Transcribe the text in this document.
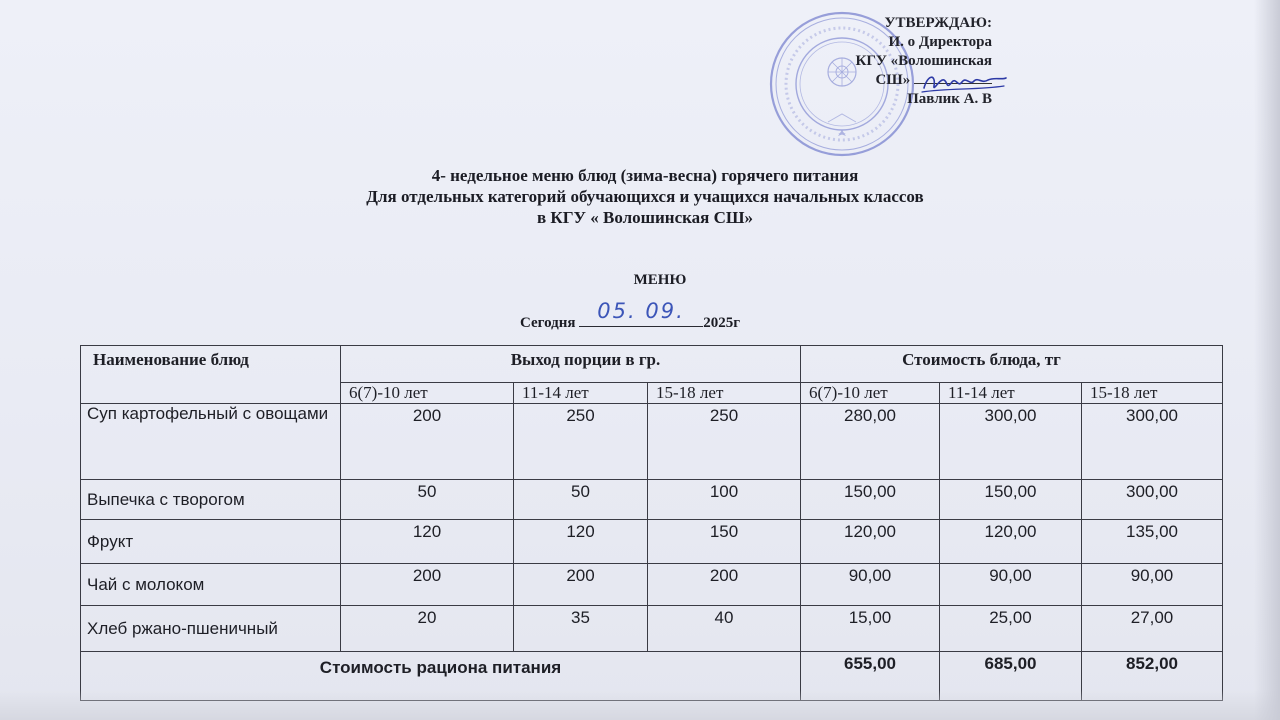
УТВЕРЖДАЮ:
И. о Директора
КГУ «Волошинская
СШ»
Павлик А. В
4- недельное меню блюд (зима-весна) горячего питания
Для отдельных категорий обучающихся и учащихся начальных классов
в КГУ « Волошинская СШ»
МЕНЮ
Сегодня 05. 09. 2025г
Наименование блюд	Выход порции в гр.			Стоимость блюда, тг		

	6(7)-10 лет	11-14 лет	15-18 лет	6(7)-10 лет	11-14 лет	15-18 лет
Суп картофельный с овощами	200	250	250	280,00	300,00	300,00
Выпечка с творогом	50	50	100	150,00	150,00	300,00
Фрукт	120	120	150	120,00	120,00	135,00
Чай с молоком	200	200	200	90,00	90,00	90,00
Хлеб ржано-пшеничный	20	35	40	15,00	25,00	27,00
Стоимость рациона питания				655,00	685,00	852,00
